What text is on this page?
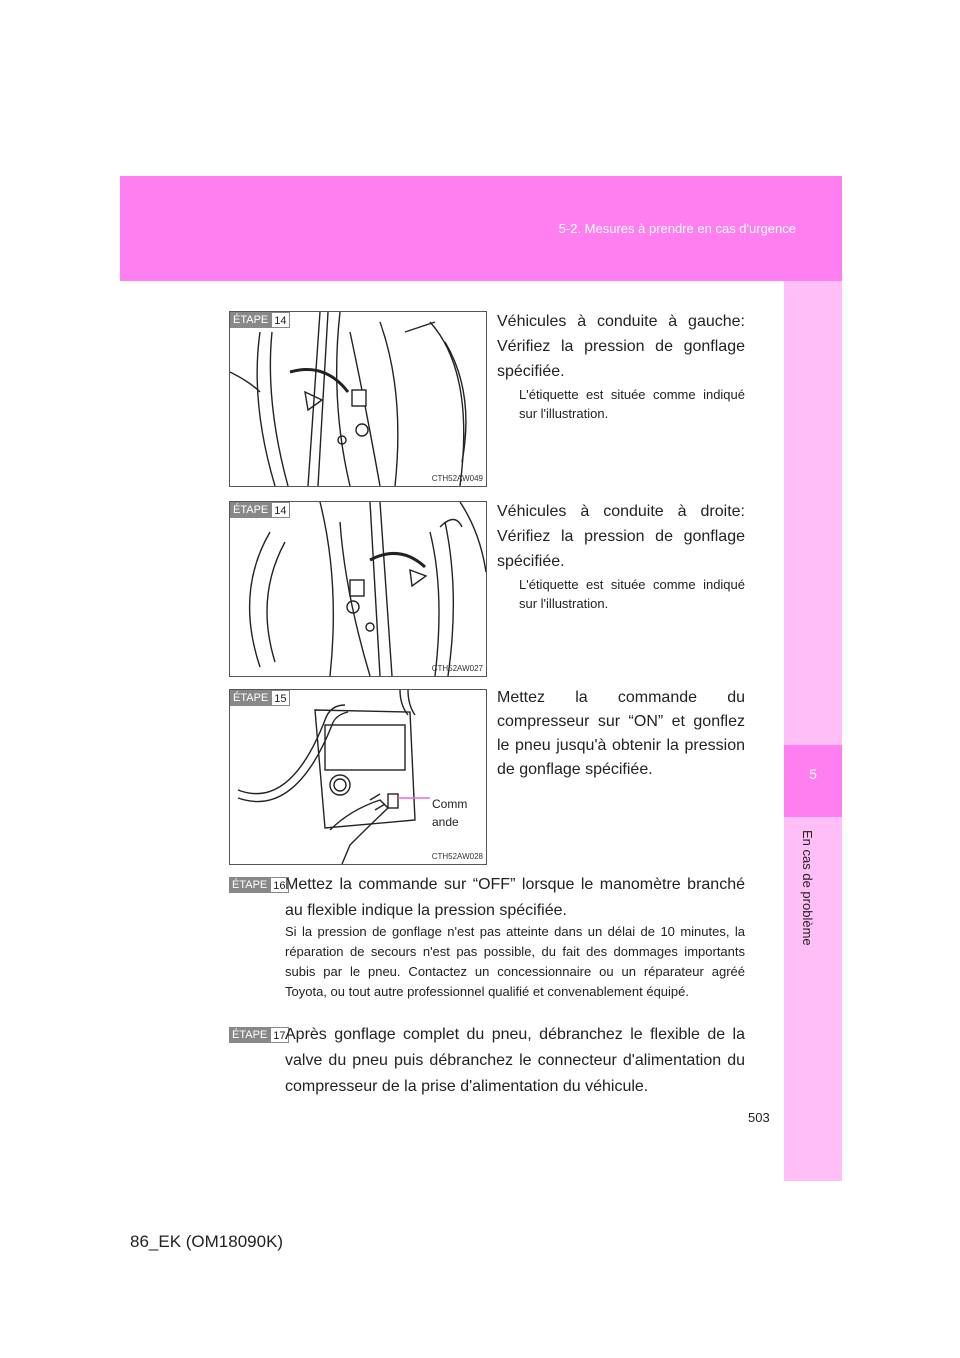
5-2. Mesures à prendre en cas d'urgence
5
En cas de problème
ÉTAPE 14
CTH52AW049
Véhicules à conduite à gauche: Vérifiez la pression de gonflage spécifiée.
L'étiquette est située comme indiqué sur l'illustration.
ÉTAPE 14
CTH52AW027
Véhicules à conduite à droite: Vérifiez la pression de gonflage spécifiée.
L'étiquette est située comme indiqué sur l'illustration.
ÉTAPE 15
CTH52AW028
Comm
ande
Mettez la commande du compresseur sur “ON” et gonflez le pneu jusqu'à obtenir la pression de gonflage spécifiée.
ÉTAPE 16 Mettez la commande sur “OFF” lorsque le manomètre branché au flexible indique la pression spécifiée.
Si la pression de gonflage n'est pas atteinte dans un délai de 10 minutes, la réparation de secours n'est pas possible, du fait des dommages importants subis par le pneu. Contactez un concessionnaire ou un réparateur agréé Toyota, ou tout autre professionnel qualifié et convenablement équipé.
ÉTAPE 17 Après gonflage complet du pneu, débranchez le flexible de la valve du pneu puis débranchez le connecteur d'alimentation du compresseur de la prise d'alimentation du véhicule.
503
86_EK (OM18090K)
